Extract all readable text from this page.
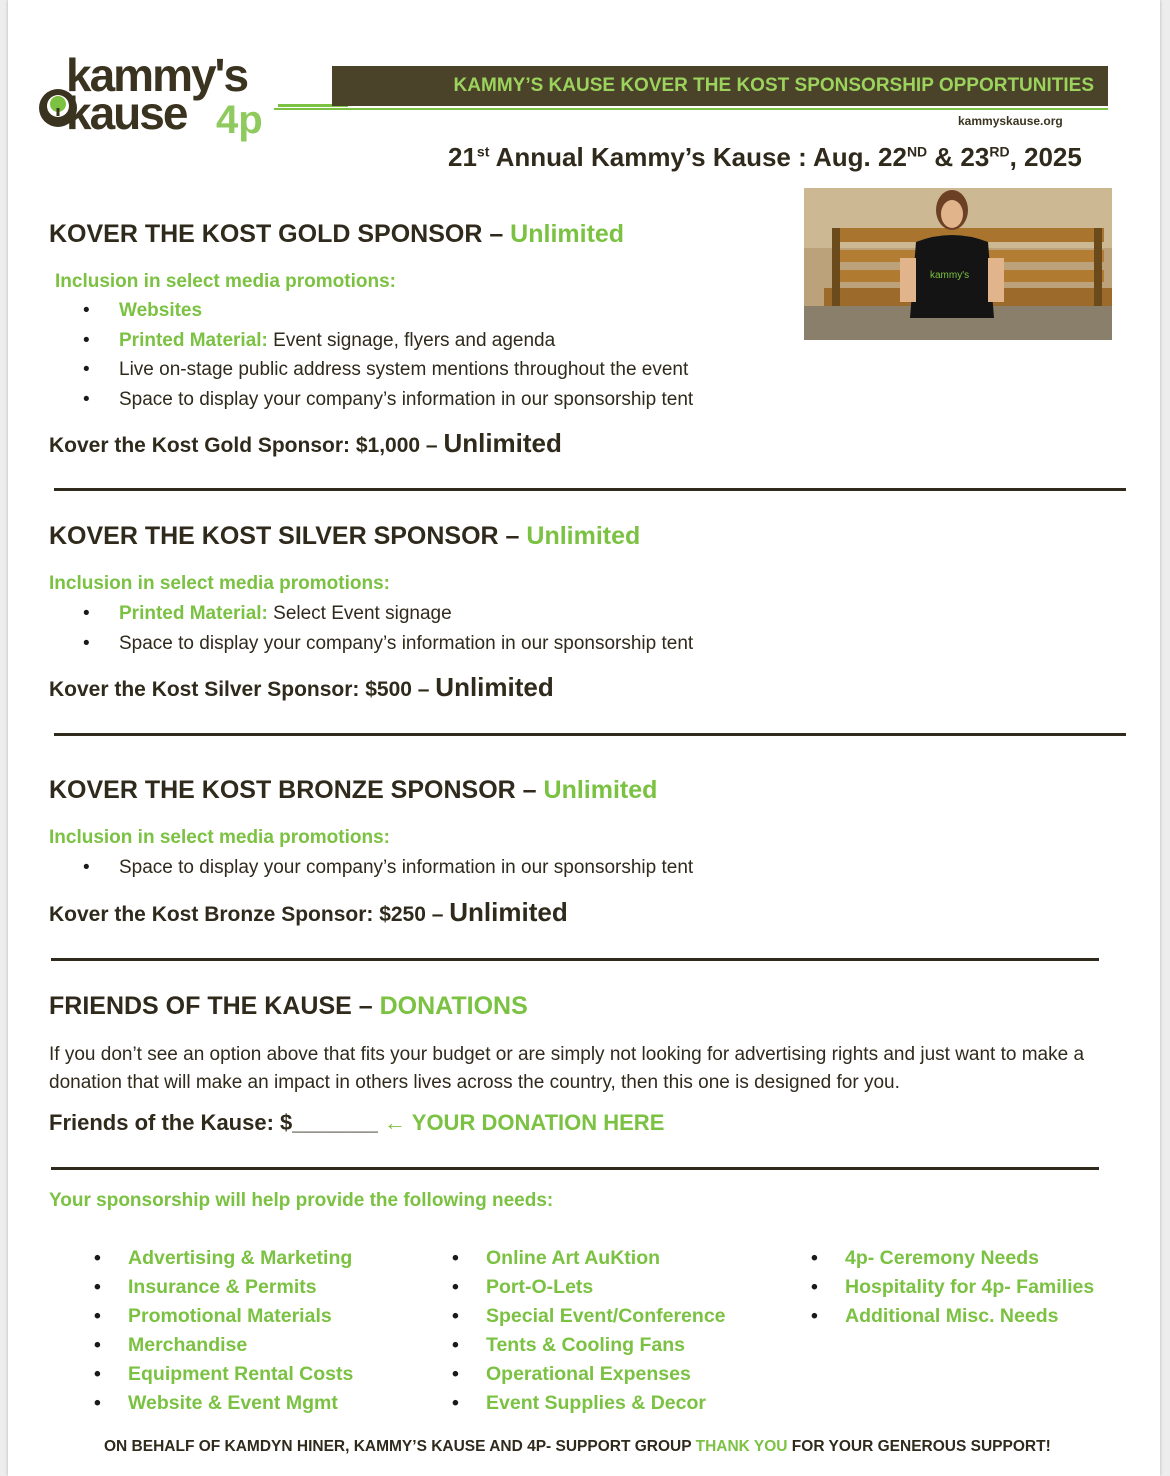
kammy's
kause 4p
KAMMY’S KAUSE KOVER THE KOST SPONSORSHIP OPPORTUNITIES
kammyskause.org
21st Annual Kammy’s Kause : Aug. 22ND & 23RD, 2025
kammy's
KOVER THE KOST GOLD SPONSOR – Unlimited
Inclusion in select media promotions:
• Websites
• Printed Material: Event signage, flyers and agenda
• Live on-stage public address system mentions throughout the event
• Space to display your company’s information in our sponsorship tent
Kover the Kost Gold Sponsor: $1,000 – Unlimited
KOVER THE KOST SILVER SPONSOR – Unlimited
Inclusion in select media promotions:
• Printed Material: Select Event signage
• Space to display your company’s information in our sponsorship tent
Kover the Kost Silver Sponsor: $500 – Unlimited
KOVER THE KOST BRONZE SPONSOR – Unlimited
Inclusion in select media promotions:
• Space to display your company’s information in our sponsorship tent
Kover the Kost Bronze Sponsor: $250 – Unlimited
FRIENDS OF THE KAUSE – DONATIONS
If you don’t see an option above that fits your budget or are simply not looking for advertising rights and just want to make a donation that will make an impact in others lives across the country, then this one is designed for you.
Friends of the Kause: $_______ ← YOUR DONATION HERE
Your sponsorship will help provide the following needs:
• Advertising & Marketing
• Insurance & Permits
• Promotional Materials
• Merchandise
• Equipment Rental Costs
• Website & Event Mgmt
• Online Art AuKtion
• Port-O-Lets
• Special Event/Conference
• Tents & Cooling Fans
• Operational Expenses
• Event Supplies & Decor
• 4p- Ceremony Needs
• Hospitality for 4p- Families
• Additional Misc. Needs
ON BEHALF OF KAMDYN HINER, KAMMY’S KAUSE AND 4P- SUPPORT GROUP THANK YOU FOR YOUR GENEROUS SUPPORT!
